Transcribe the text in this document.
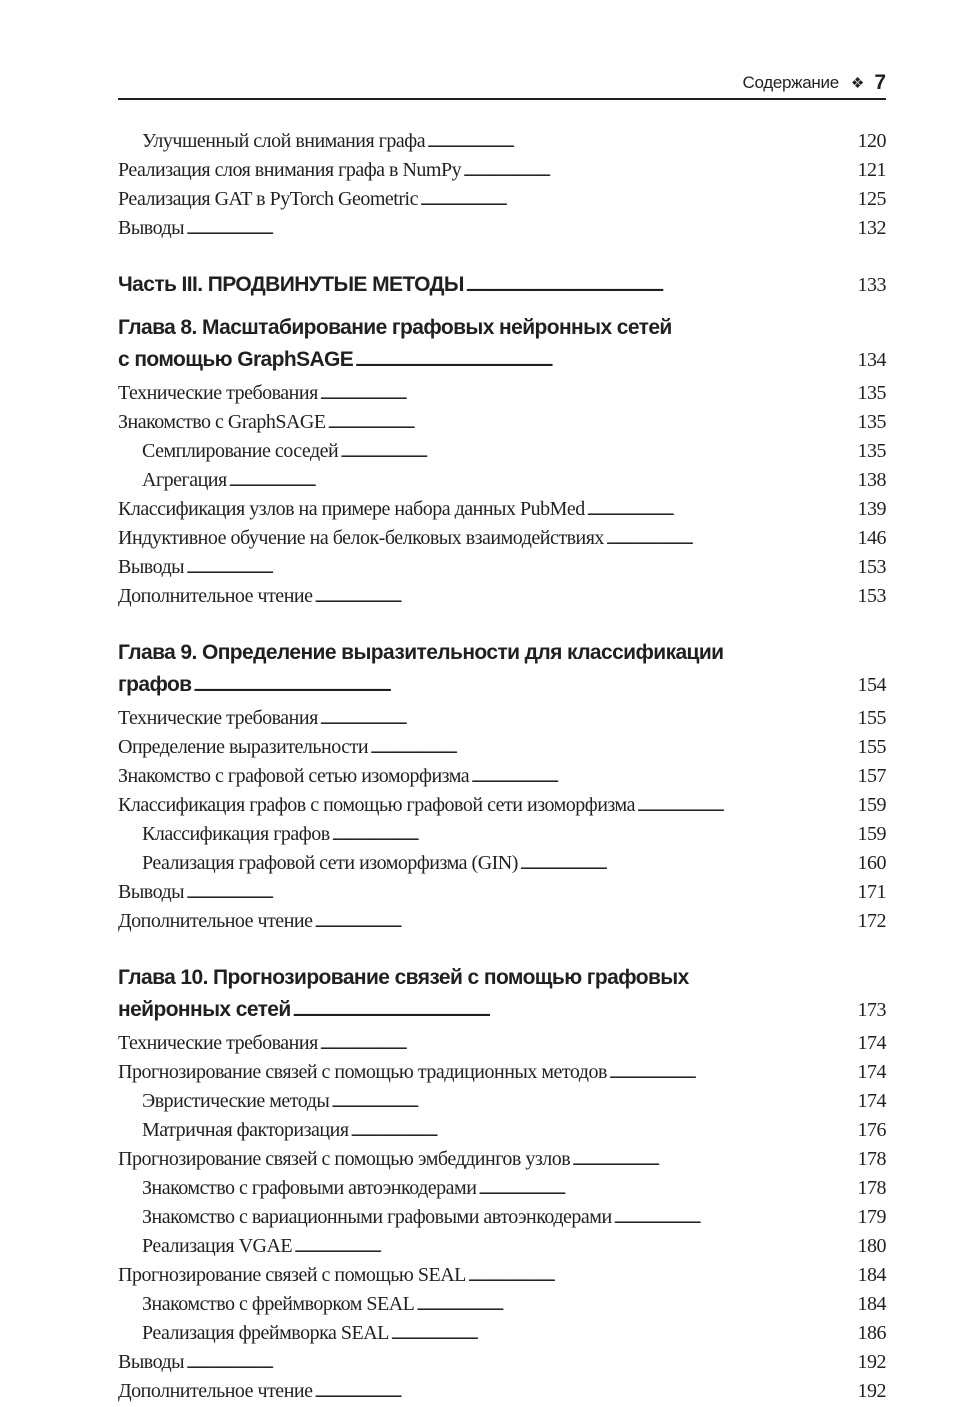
Содержание ❖ 7
Улучшенный слой внимания графа . . .	120
Реализация слоя внимания графа в NumPy . . .	121
Реализация GAT в PyTorch Geometric . . .	125
Выводы . . .	132
Часть III. ПРОДВИНУТЫЕ МЕТОДЫ . . .	133
Глава 8. Масштабирование графовых нейронных сетей
с помощью GraphSAGE . . .	134
Технические требования . . .	135
Знакомство с GraphSAGE . . .	135
Семплирование соседей . . .	135
Агрегация . . .	138
Классификация узлов на примере набора данных PubMed . . .	139
Индуктивное обучение на белок-белковых взаимодействиях . . .	146
Выводы . . .	153
Дополнительное чтение . . .	153
Глава 9. Определение выразительности для классификации
графов . . .	154
Технические требования . . .	155
Определение выразительности . . .	155
Знакомство с графовой сетью изоморфизма . . .	157
Классификация графов с помощью графовой сети изоморфизма . . .	159
Классификация графов . . .	159
Реализация графовой сети изоморфизма (GIN) . . .	160
Выводы . . .	171
Дополнительное чтение . . .	172
Глава 10. Прогнозирование связей с помощью графовых
нейронных сетей . . .	173
Технические требования . . .	174
Прогнозирование связей с помощью традиционных методов . . .	174
Эвристические методы . . .	174
Матричная факторизация . . .	176
Прогнозирование связей с помощью эмбеддингов узлов . . .	178
Знакомство с графовыми автоэнкодерами . . .	178
Знакомство с вариационными графовыми автоэнкодерами . . .	179
Реализация VGAE . . .	180
Прогнозирование связей с помощью SEAL . . .	184
Знакомство с фреймворком SEAL . . .	184
Реализация фреймворка SEAL . . .	186
Выводы . . .	192
Дополнительное чтение . . .	192
